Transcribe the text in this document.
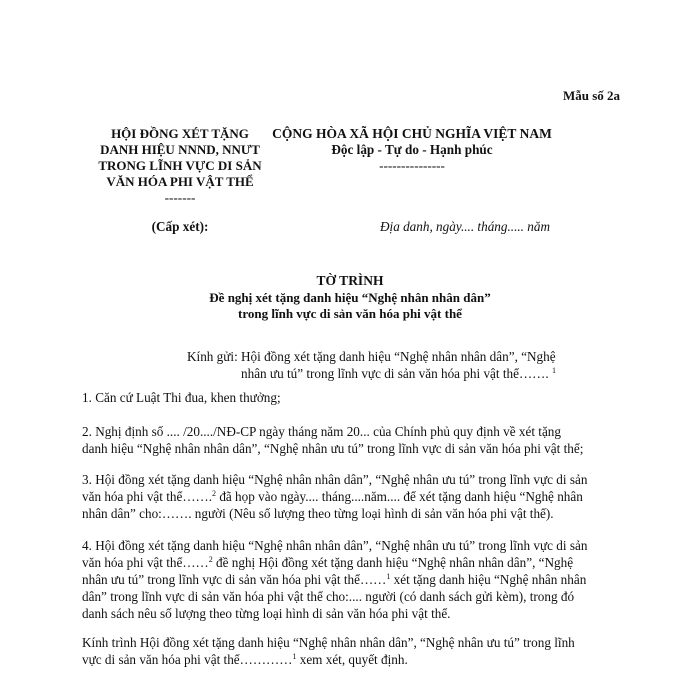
Mẫu số 2a
HỘI ĐỒNG XÉT TẶNG
DANH HIỆU NNND, NNƯT
TRONG LĨNH VỰC DI SẢN
VĂN HÓA PHI VẬT THỂ
-------
CỘNG HÒA XÃ HỘI CHỦ NGHĨA VIỆT NAM
Độc lập - Tự do - Hạnh phúc
---------------
(Cấp xét):	Địa danh, ngày.... tháng..... năm
TỜ TRÌNH
Đề nghị xét tặng danh hiệu “Nghệ nhân nhân dân”
trong lĩnh vực di sản văn hóa phi vật thể
Kính gửi: Hội đồng xét tặng danh hiệu “Nghệ nhân nhân dân”, “Nghệ
nhân ưu tú” trong lĩnh vực di sản văn hóa phi vật thể……. $^1$
1. Căn cứ Luật Thi đua, khen thưởng;
2. Nghị định số .... /20..../NĐ-CP ngày tháng năm 20... của Chính phủ quy định về xét tặng
danh hiệu “Nghệ nhân nhân dân”, “Nghệ nhân ưu tú” trong lĩnh vực di sản văn hóa phi vật thể;
3. Hội đồng xét tặng danh hiệu “Nghệ nhân nhân dân”, “Nghệ nhân ưu tú” trong lĩnh vực di sản
văn hóa phi vật thể…….$^2$ đã họp vào ngày.... tháng....năm.... để xét tặng danh hiệu “Nghệ nhân
nhân dân” cho:……. người (Nêu số lượng theo từng loại hình di sản văn hóa phi vật thể).
4. Hội đồng xét tặng danh hiệu “Nghệ nhân nhân dân”, “Nghệ nhân ưu tú” trong lĩnh vực di sản
văn hóa phi vật thể……$^2$ đề nghị Hội đồng xét tặng danh hiệu “Nghệ nhân nhân dân”, “Nghệ
nhân ưu tú” trong lĩnh vực di sản văn hóa phi vật thể……$^1$ xét tặng danh hiệu “Nghệ nhân nhân
dân” trong lĩnh vực di sản văn hóa phi vật thể cho:.... người (có danh sách gửi kèm), trong đó
danh sách nêu số lượng theo từng loại hình di sản văn hóa phi vật thể.
Kính trình Hội đồng xét tặng danh hiệu “Nghệ nhân nhân dân”, “Nghệ nhân ưu tú” trong lĩnh
vực di sản văn hóa phi vật thể…………$^1$ xem xét, quyết định.
